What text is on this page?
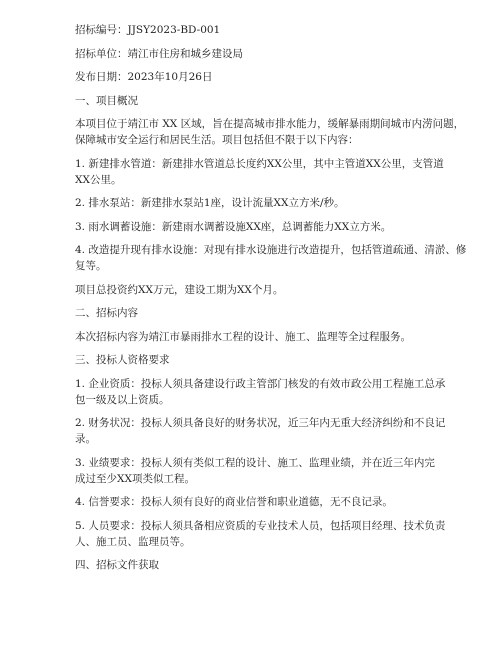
招标编号：JJSY2023-BD-001
招标单位：靖江市住房和城乡建设局
发布日期：2023年10月26日
一、项目概况
本项目位于靖江市 XX 区域，旨在提高城市排水能力，缓解暴雨期间城市内涝问题，保障城市安全运行和居民生活。项目包括但不限于以下内容：
1. 新建排水管道：新建排水管道总长度约XX公里，其中主管道XX公里，支管道
XX公里。
2. 排水泵站：新建排水泵站1座，设计流量XX立方米/秒。
3. 雨水调蓄设施：新建雨水调蓄设施XX座，总调蓄能力XX立方米。
4. 改造提升现有排水设施：对现有排水设施进行改造提升，包括管道疏通、清淤、修复等。
项目总投资约XX万元，建设工期为XX个月。
二、招标内容
本次招标内容为靖江市暴雨排水工程的设计、施工、监理等全过程服务。
三、投标人资格要求
1. 企业资质：投标人须具备建设行政主管部门核发的有效市政公用工程施工总承
包一级及以上资质。
2. 财务状况：投标人须具备良好的财务状况，近三年内无重大经济纠纷和不良记
录。
3. 业绩要求：投标人须有类似工程的设计、施工、监理业绩，并在近三年内完
成过至少XX项类似工程。
4. 信誉要求：投标人须有良好的商业信誉和职业道德，无不良记录。
5. 人员要求：投标人须具备相应资质的专业技术人员，包括项目经理、技术负责
人、施工员、监理员等。
四、招标文件获取
